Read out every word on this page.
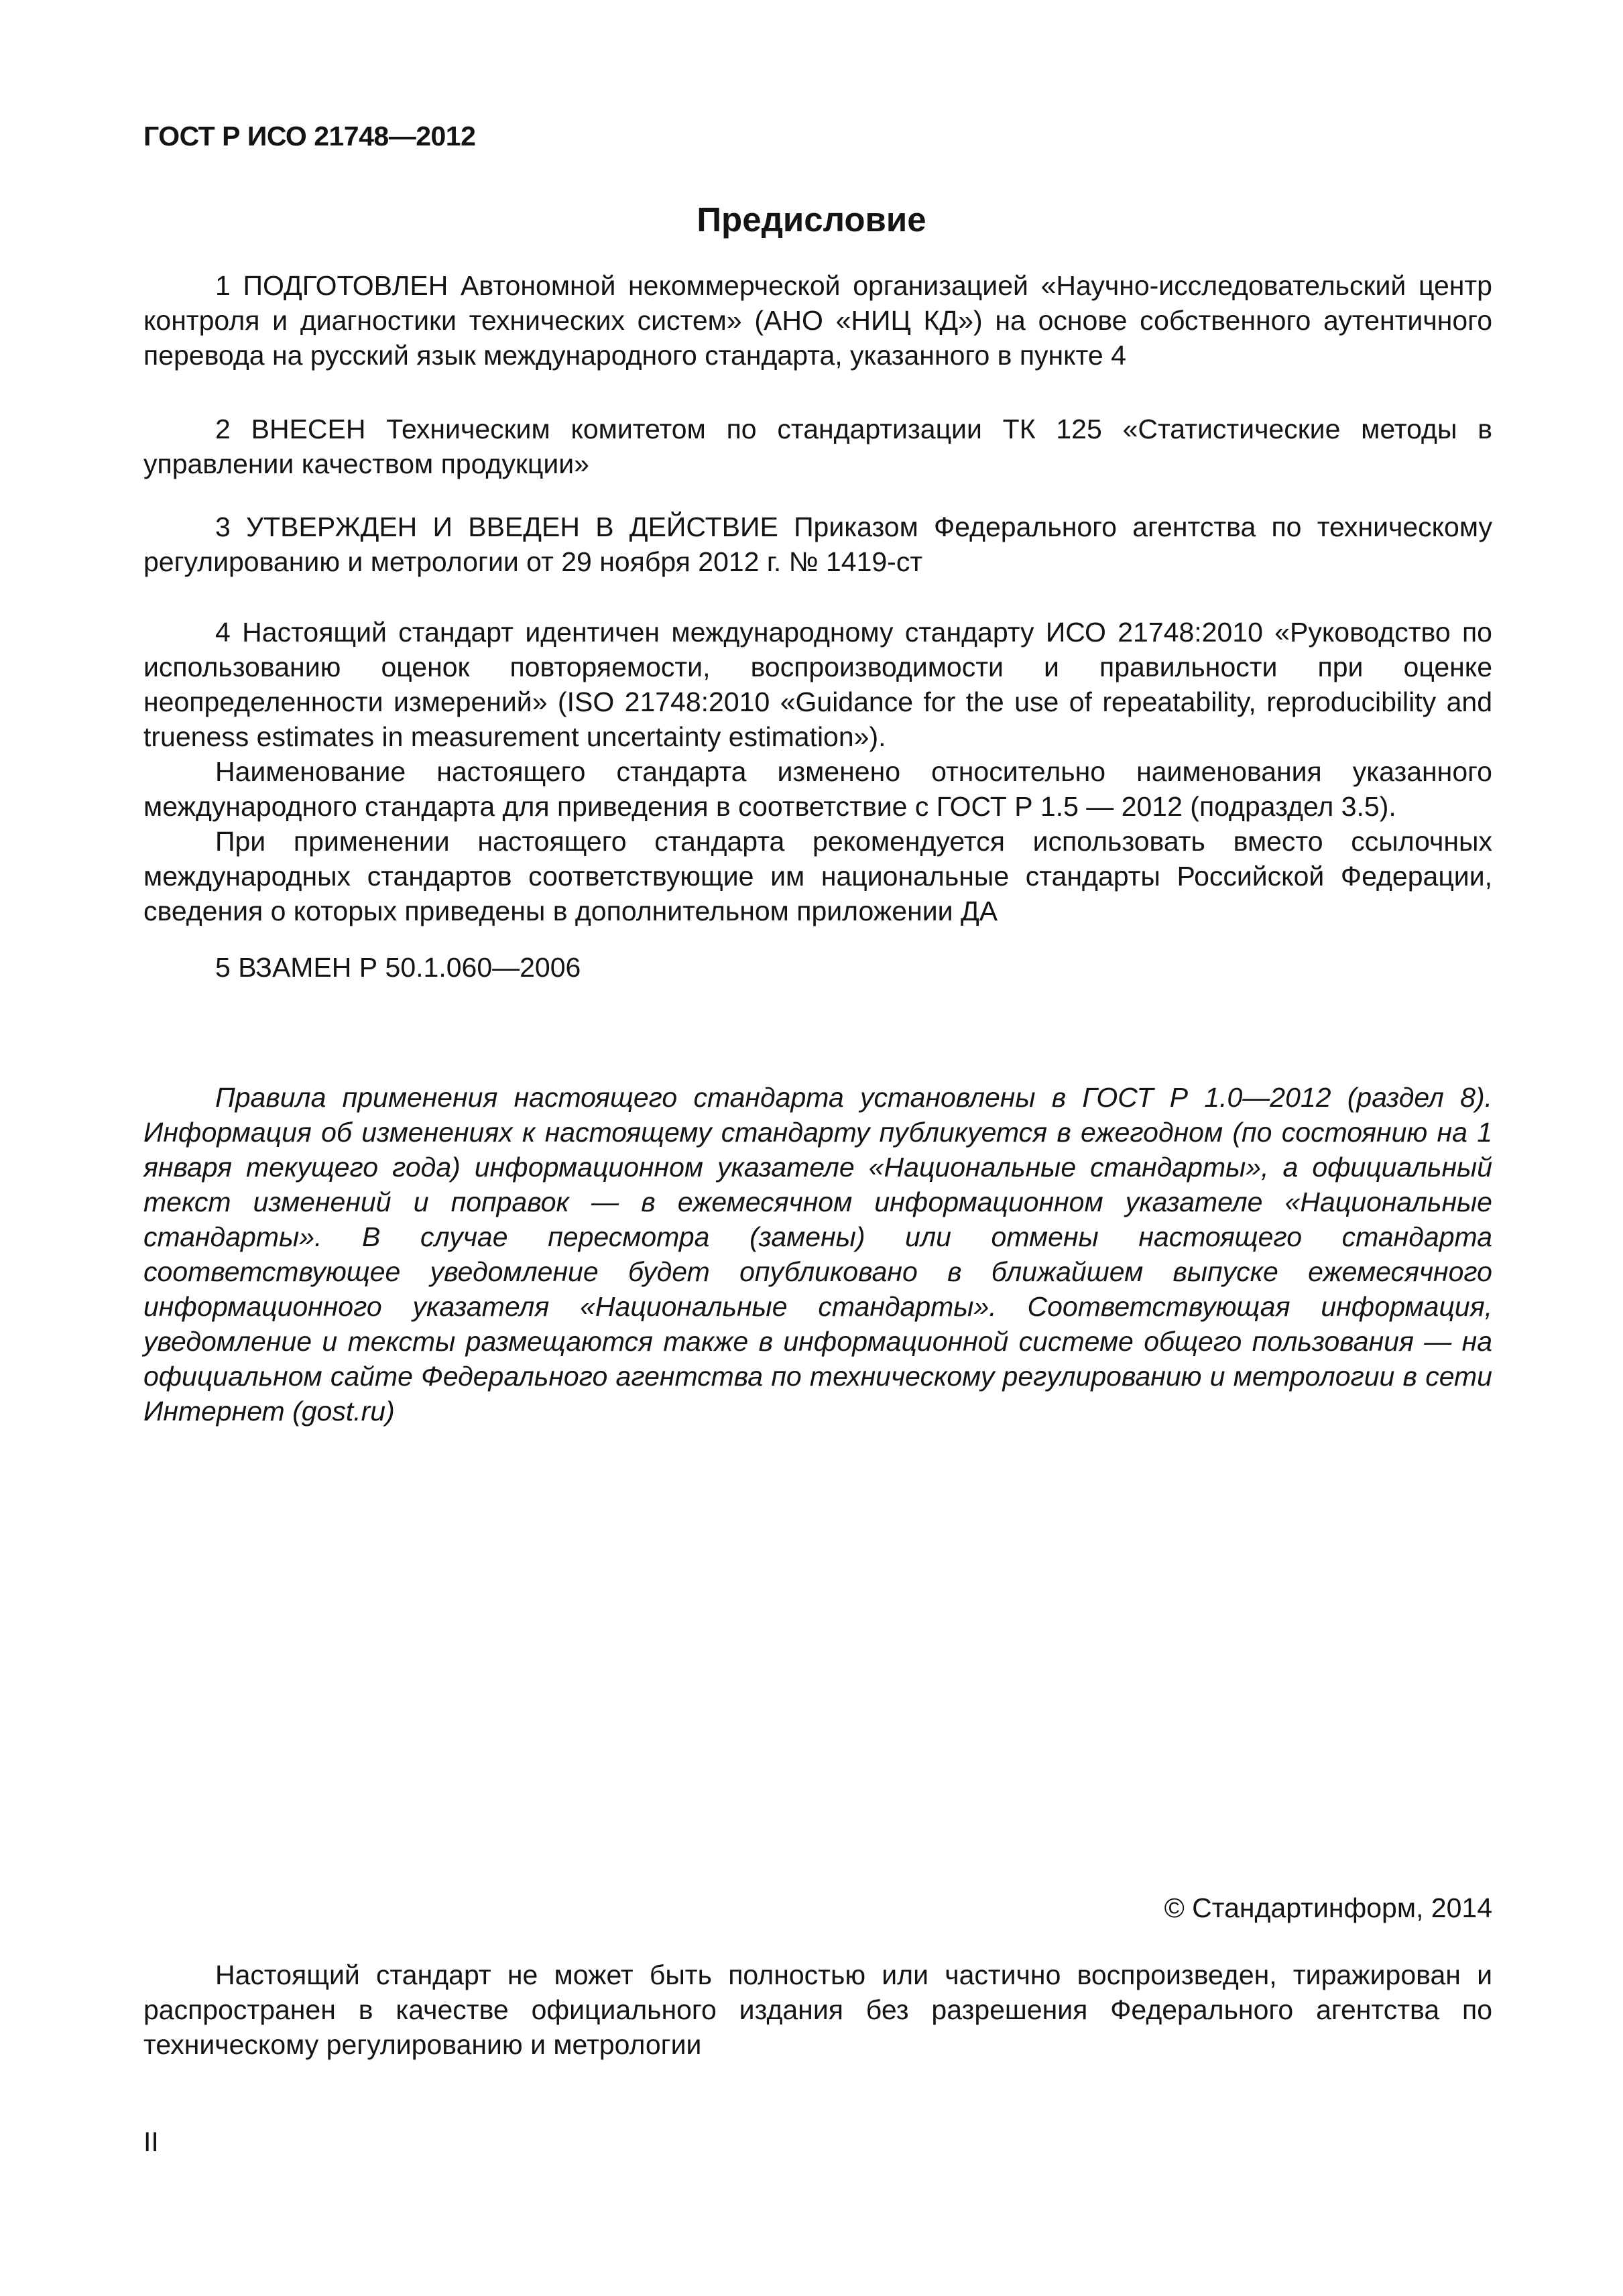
ГОСТ Р ИСО 21748—2012
Предисловие

1 ПОДГОТОВЛЕН Автономной некоммерческой организацией «Научно-исследовательский центр контроля и диагностики технических систем» (АНО «НИЦ КД») на основе собственного аутентичного перевода на русский язык международного стандарта, указанного в пункте 4

2 ВНЕСЕН Техническим комитетом по стандартизации ТК 125 «Статистические методы в управлении качеством продукции»

3 УТВЕРЖДЕН И ВВЕДЕН В ДЕЙСТВИЕ Приказом Федерального агентства по техническому регулированию и метрологии от 29 ноября 2012 г. № 1419-ст

4 Настоящий стандарт идентичен международному стандарту ИСО 21748:2010 «Руководство по использованию оценок повторяемости, воспроизводимости и правильности при оценке неопределенности измерений» (ISO 21748:2010 «Guidance for the use of repeatability, reproducibility and trueness estimates in measurement uncertainty estimation»).

Наименование настоящего стандарта изменено относительно наименования указанного международного стандарта для приведения в соответствие с ГОСТ Р 1.5 — 2012 (подраздел 3.5).

При применении настоящего стандарта рекомендуется использовать вместо ссылочных международных стандартов соответствующие им национальные стандарты Российской Федерации, сведения о которых приведены в дополнительном приложении ДА

5 ВЗАМЕН Р 50.1.060—2006

Правила применения настоящего стандарта установлены в ГОСТ Р 1.0—2012 (раздел 8). Информация об изменениях к настоящему стандарту публикуется в ежегодном (по состоянию на 1 января текущего года) информационном указателе «Национальные стандарты», а официальный текст изменений и поправок — в ежемесячном информационном указателе «Национальные стандарты». В случае пересмотра (замены) или отмены настоящего стандарта соответствующее уведомление будет опубликовано в ближайшем выпуске ежемесячного информационного указателя «Национальные стандарты». Соответствующая информация, уведомление и тексты размещаются также в информационной системе общего пользования — на официальном сайте Федерального агентства по техническому регулированию и метрологии в сети Интернет (gost.ru)

© Стандартинформ, 2014

Настоящий стандарт не может быть полностью или частично воспроизведен, тиражирован и распространен в качестве официального издания без разрешения Федерального агентства по техническому регулированию и метрологии

II
